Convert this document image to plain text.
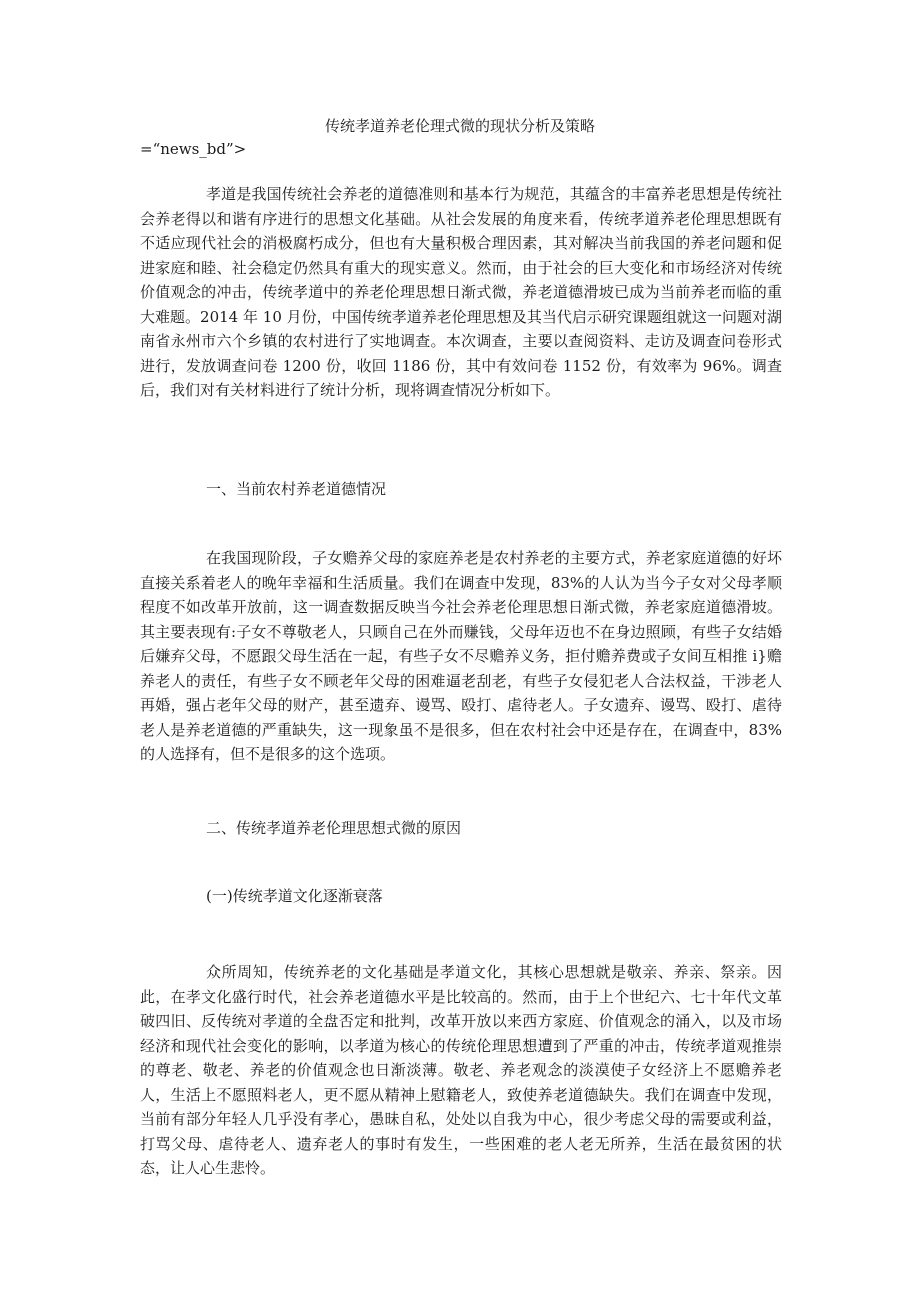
传统孝道养老伦理式微的现状分析及策略

=“news_bd”>

孝道是我国传统社会养老的道德准则和基本行为规范，其蕴含的丰富养老思想是传统社会养老得以和谐有序进行的思想文化基础。从社会发展的角度来看，传统孝道养老伦理思想既有不适应现代社会的消极腐朽成分，但也有大量积极合理因素，其对解决当前我国的养老问题和促进家庭和睦、社会稳定仍然具有重大的现实意义。然而，由于社会的巨大变化和市场经济对传统价值观念的冲击，传统孝道中的养老伦理思想日渐式微，养老道德滑坡已成为当前养老而临的重大难题。2014 年 10 月份，中国传统孝道养老伦理思想及其当代启示研究课题组就这一问题对湖南省永州市六个乡镇的农村进行了实地调查。本次调查，主要以查阅资料、走访及调查问卷形式进行，发放调查问卷 1200 份，收回 1186 份，其中有效问卷 1152 份，有效率为 96%。调查后，我们对有关材料进行了统计分析，现将调查情况分析如下。

一、当前农村养老道德情况

在我国现阶段，子女赡养父母的家庭养老是农村养老的主要方式，养老家庭道德的好坏直接关系着老人的晚年幸福和生活质量。我们在调查中发现，83%的人认为当今子女对父母孝顺程度不如改革开放前，这一调查数据反映当今社会养老伦理思想日渐式微，养老家庭道德滑坡。其主要表现有:子女不尊敬老人，只顾自己在外而赚钱，父母年迈也不在身边照顾，有些子女结婚后嫌弃父母，不愿跟父母生活在一起，有些子女不尽赡养义务，拒付赡养费或子女间互相推 i}赡养老人的责任，有些子女不顾老年父母的困难逼老刮老，有些子女侵犯老人合法权益，干涉老人再婚，强占老年父母的财产，甚至遗弃、谩骂、殴打、虐待老人。子女遗弃、谩骂、殴打、虐待老人是养老道德的严重缺失，这一现象虽不是很多，但在农村社会中还是存在，在调查中，83%的人选择有，但不是很多的这个选项。

二、传统孝道养老伦理思想式微的原因
(一)传统孝道文化逐渐衰落

众所周知，传统养老的文化基础是孝道文化，其核心思想就是敬亲、养亲、祭亲。因此，在孝文化盛行时代，社会养老道德水平是比较高的。然而，由于上个世纪六、七十年代文革破四旧、反传统对孝道的全盘否定和批判，改革开放以来西方家庭、价值观念的涌入，以及市场经济和现代社会变化的影响，以孝道为核心的传统伦理思想遭到了严重的冲击，传统孝道观推崇的尊老、敬老、养老的价值观念也日渐淡薄。敬老、养老观念的淡漠使子女经济上不愿赡养老人，生活上不愿照料老人，更不愿从精神上慰籍老人，致使养老道德缺失。我们在调查中发现，当前有部分年轻人几乎没有孝心，愚昧自私，处处以自我为中心，很少考虑父母的需要或利益，打骂父母、虐待老人、遗弃老人的事时有发生，一些困难的老人老无所养，生活在最贫困的状态，让人心生悲怜。
